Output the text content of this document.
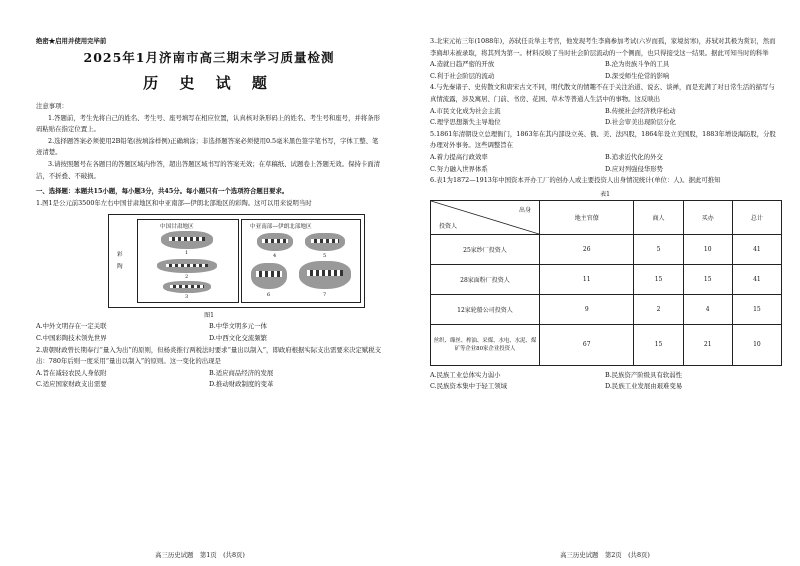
绝密★启用并使用完毕前

2025年1月济南市高三期末学习质量检测

历 史 试 题

注意事项：

1.答题前，考生先将自己的姓名、考生号、座号填写在相应位置，认真核对条形码上的姓名、考生号和座号，并将条形码粘贴在指定位置上。

2.选择题答案必须使用2B铅笔(按填涂样例)正确填涂；非选择题答案必须使用0.5毫米黑色签字笔书写，字体工整、笔迹清楚。

3.请按照题号在各题目的答题区域内作答，超出答题区域书写的答案无效；在草稿纸、试题卷上答题无效。保持卡面清洁，不折叠、不破损。

一、选择题：本题共15小题，每小题3分，共45分。每小题只有一个选项符合题目要求。

1.图1是公元前3500年左右中国甘肃地区和中亚南部—伊朗北部地区的彩陶。这可以用来说明当时

中国甘肃地区	中亚南部—伊朗北部地区
彩陶
1
2
3
4	5
6	7

图1

A.中外文明存在一定关联	B.中华文明多元一体
C.中国彩陶技术领先世界	D.中西文化交流频繁

2.唐朝财政曾长期奉行“量入为出”的原则，但杨炎推行两税法时要求“量出以制入”，即政府根据实际支出需要来决定赋税支出：780年后则一度采用“量出以制入”的原则。这一变化的出现是

A.旨在减轻农民人身依附	B.适应商品经济的发展
C.适应国家财政支出需要	D.推动财政制度的变革
高三历史试题　第1页　(共8页)

3.北宋元祐三年(1088年)，苏轼任贡举主考官，他发现考生李廌参加考试(六岁而孤，家境贫寒)，苏轼对其极为赏识，然而李廌却未被录取，将其列为第一。材料反映了当时社会阶层流动的一个侧面，也只得接受这一结果。据此可知当时的科举

A.造就日趋严密的开放	B.沦为贵族斗争的工具
C.利于社会阶层的流动	D.深受师生伦常的影响

4.与先秦诸子、史传散文和唐宋古文不同，明代散文的情趣不在于关注治道、说玄、谈禅，而是充满了对日常生活的描写与真情流露，涉及寓居、门前、书房、花园、草木等普通人生活中的事物。这反映出

A.市民文化成为社会主流	B.传统社会经济秩序松动
C.理学思想渐失主导地位	D.社会审美出现阶层分化

5.1861年清朝设立总理衙门，1863年在其内部设立英、俄、美、法四股，1864年设立美国股，1883年增设海防股，分股办理对外事务。这些调整旨在

A.着力提高行政效率	B.追求近代化的外交
C.努力融入世界体系	D.应对列强侵华形势

6.表1为1872—1913年中国资本开办工厂的创办人或主要投资人出身情况统计(单位：人)。据此可推知

表1

出身
投资人	地主官僚	商人	买办	总计
25家纱厂投资人	26	5	10	41
28家面粉厂投资人	11	15	15	41
12家轮船公司投资人	9	2	4	15
丝织、缫丝、榨油、采煤、水电、水泥、煤矿等企业80家企业投资人	67	15	21	10
A.民族工业总体实力弱小	B.民族资产阶级具有软弱性
C.民族资本集中于轻工领域	D.民族工业发展由艰难变易
高三历史试题　第2页　(共8页)
